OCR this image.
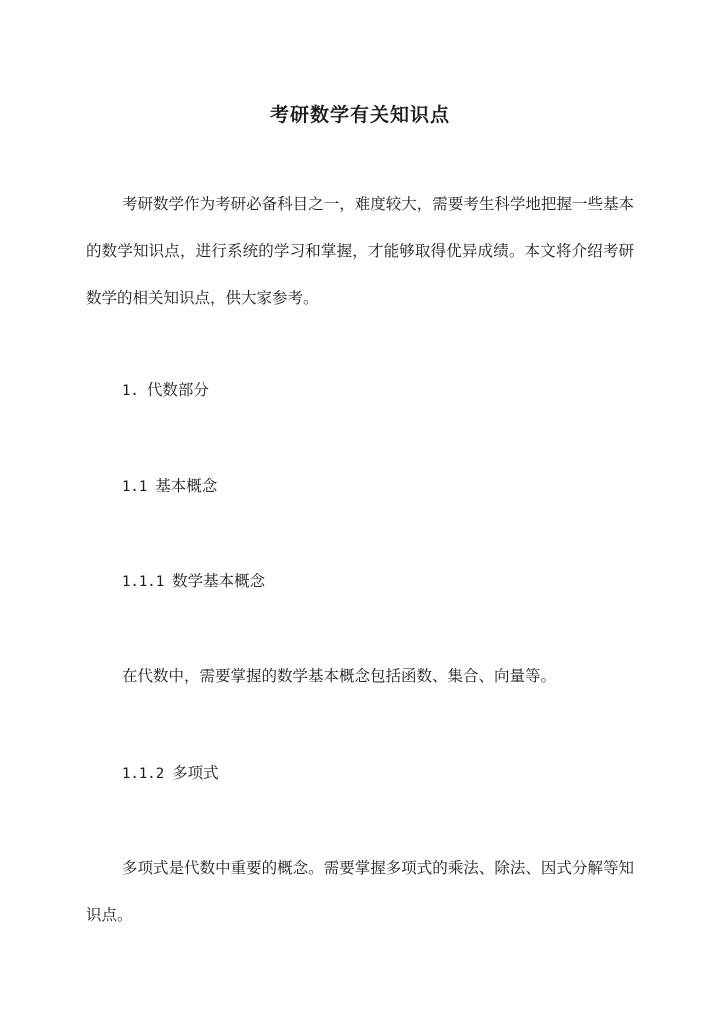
考研数学有关知识点

考研数学作为考研必备科目之一，难度较大，需要考生科学地把握一些基本的数学知识点，进行系统的学习和掌握，才能够取得优异成绩。本文将介绍考研数学的相关知识点，供大家参考。

1. 代数部分
1.1 基本概念
1.1.1 数学基本概念

在代数中，需要掌握的数学基本概念包括函数、集合、向量等。

1.1.2 多项式

多项式是代数中重要的概念。需要掌握多项式的乘法、除法、因式分解等知识点。
